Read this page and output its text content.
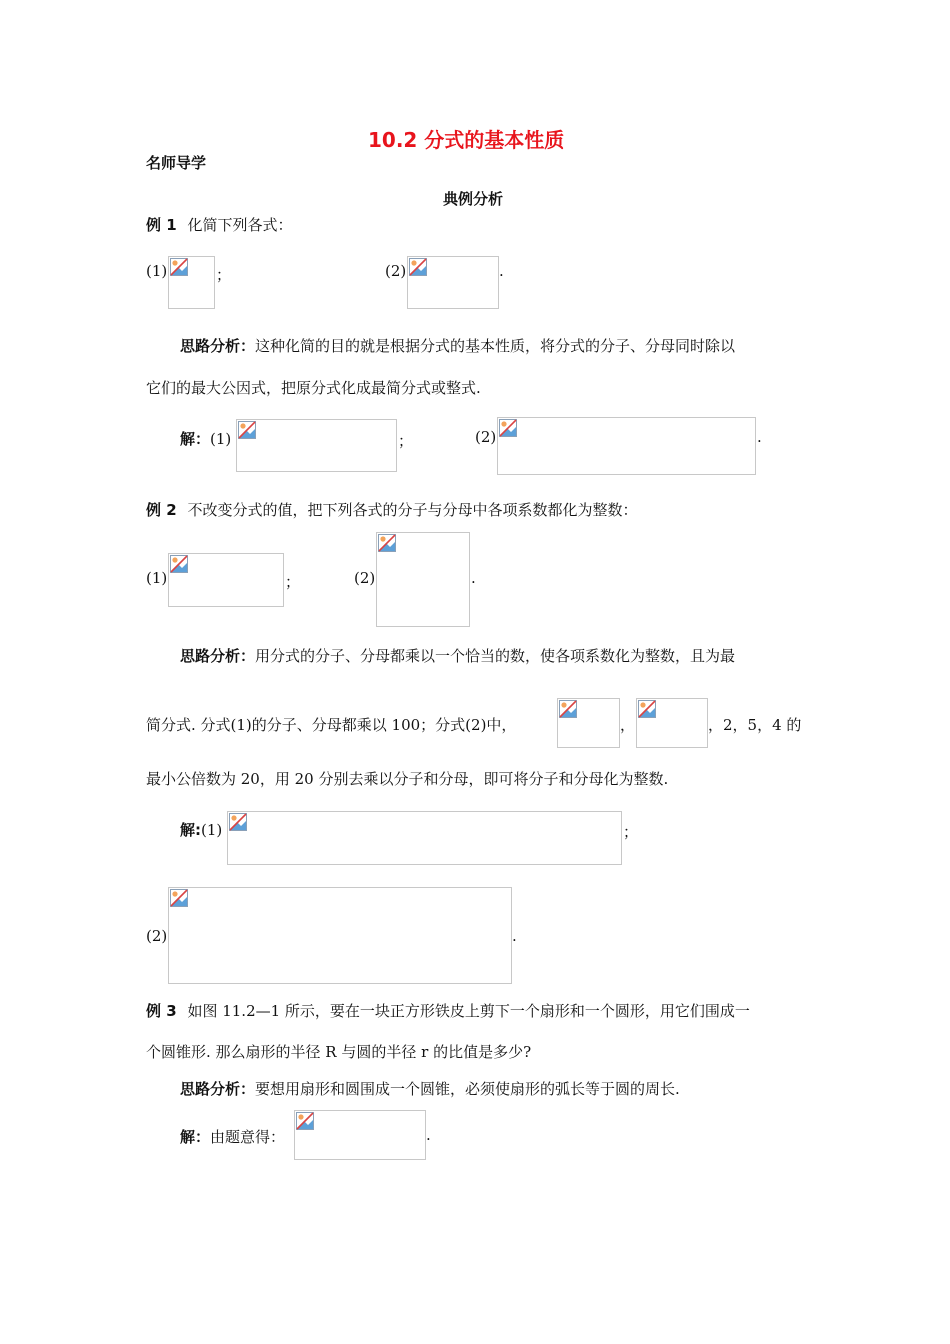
10.2 分式的基本性质
名师导学
典例分析
例 1 化简下列各式：
(1)	；	(2)	.
思路分析：这种化简的目的就是根据分式的基本性质，将分式的分子、分母同时除以
它们的最大公因式，把原分式化成最简分式或整式.
解：(1)	；	(2)	.
例 2 不改变分式的值，把下列各式的分子与分母中各项系数都化为整数：
(1)	；	(2)	.
思路分析：用分式的分子、分母都乘以一个恰当的数，使各项系数化为整数，且为最
简分式. 分式(1)的分子、分母都乘以 100；分式(2)中，	，	，2，5，4 的
最小公倍数为 20，用 20 分别去乘以分子和分母，即可将分子和分母化为整数.
解:(1)	；
(2)	.
例 3 如图 11.2—1 所示，要在一块正方形铁皮上剪下一个扇形和一个圆形，用它们围成一
个圆锥形. 那么扇形的半径 R 与圆的半径 r 的比值是多少?
思路分析：要想用扇形和圆围成一个圆锥，必须使扇形的弧长等于圆的周长.
解：由题意得：	.
